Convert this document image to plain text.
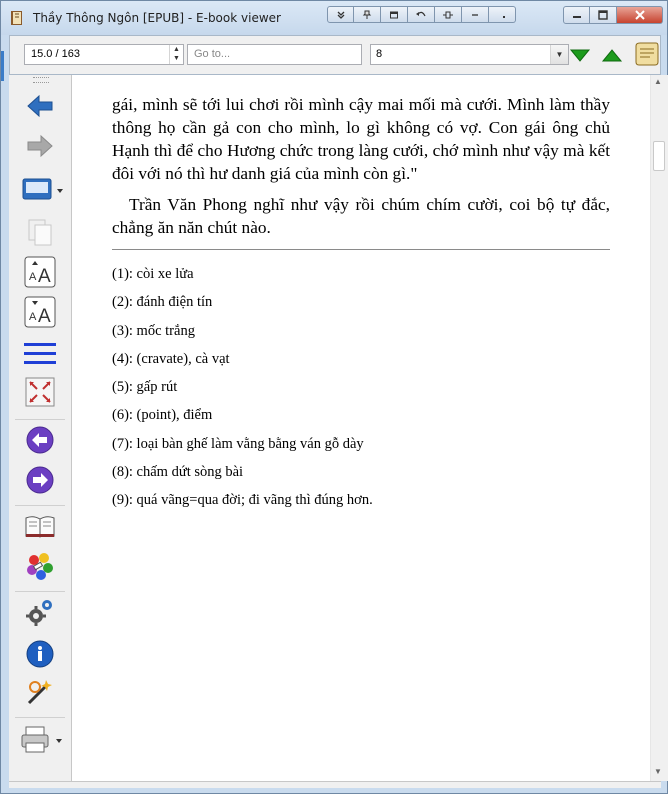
Thầy Thông Ngôn [EPUB] - E-book viewer
15.0 / 163	▲
▼ Go to...	8	▼
A A
A A

gái, mình sẽ tới lui chơi rồi mình cậy mai mối mà cưới. Mình làm thầy thông họ cần gả con cho mình, lo gì không có vợ. Con gái ông chủ Hạnh thì để cho Hương chức trong làng cưới, chớ mình như vậy mà kết đôi với nó thì hư danh giá của mình còn gì."

Trần Văn Phong nghĩ như vậy rồi chúm chím cười, coi bộ tự đắc, chẳng ăn năn chút nào.

(1): còi xe lửa
(2): đánh điện tín
(3): mốc trắng
(4): (cravate), cà vạt
(5): gấp rút
(6): (point), điểm
(7): loại bàn ghế làm vằng bằng ván gỗ dày
(8): chấm dứt sòng bài
(9): quá vãng=qua đời; đi vãng thì đúng hơn.
▲
▼
